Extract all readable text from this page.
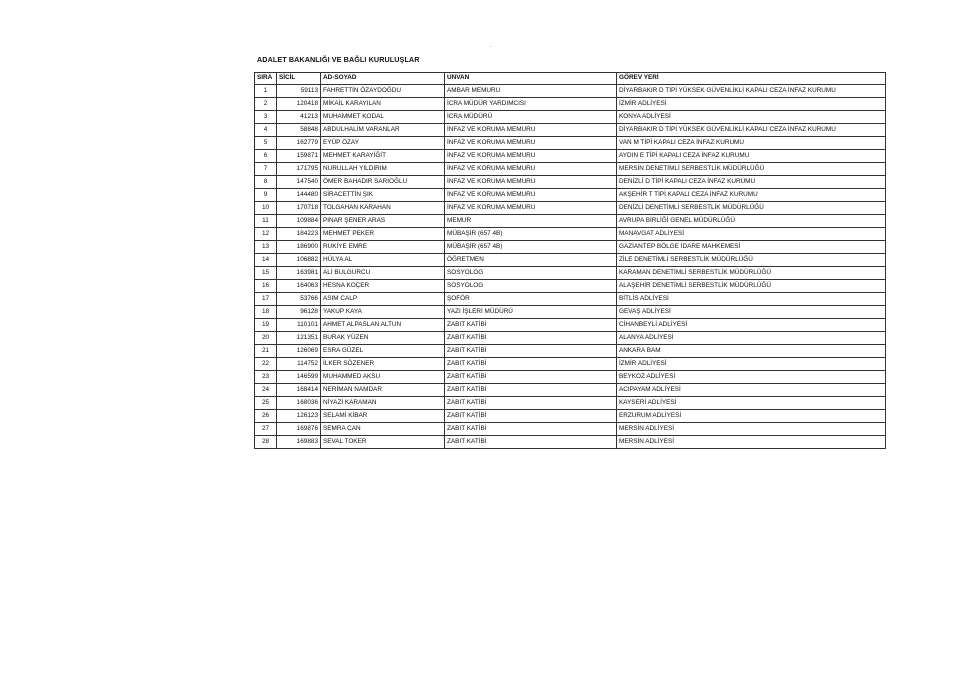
ADALET BAKANLIĞI VE BAĞLI KURULUŞLAR
SIRA	SİCİL	AD-SOYAD	UNVAN	GÖREV YERİ
1	59113	FAHRETTİN ÖZAYDOĞDU	AMBAR MEMURU	DİYARBAKIR D TİPİ YÜKSEK GÜVENLİKLİ KAPALI CEZA İNFAZ KURUMU
2	120418	MİKAİL KARAYILAN	İCRA MÜDÜR YARDIMCISI	İZMİR ADLİYESİ
3	41213	MUHAMMET KODAL	İCRA MÜDÜRÜ	KONYA ADLİYESİ
4	58848	ABDULHALİM VARANLAR	İNFAZ VE KORUMA MEMURU	DİYARBAKIR D TİPİ YÜKSEK GÜVENLİKLİ KAPALI CEZA İNFAZ KURUMU
5	162779	EYÜP ÖZAY	İNFAZ VE KORUMA MEMURU	VAN M TİPİ KAPALI CEZA İNFAZ KURUMU
6	159871	MEHMET KARAYİĞİT	İNFAZ VE KORUMA MEMURU	AYDIN E TİPİ KAPALI CEZA İNFAZ KURUMU
7	171795	NURULLAH YILDIRIM	İNFAZ VE KORUMA MEMURU	MERSİN DENETİMLİ SERBESTLİK MÜDÜRLÜĞÜ
8	147540	ÖMER BAHADIR SARIOĞLU	İNFAZ VE KORUMA MEMURU	DENİZLİ D TİPİ KAPALI CEZA İNFAZ KURUMU
9	144480	SİRACETTİN ŞIK	İNFAZ VE KORUMA MEMURU	AKŞEHİR T TİPİ KAPALI CEZA İNFAZ KURUMU
10	170718	TOLGAHAN KARAHAN	İNFAZ VE KORUMA MEMURU	DENİZLİ DENETİMLİ SERBESTLİK MÜDÜRLÜĞÜ
11	109884	PINAR ŞENER ARAS	MEMUR	AVRUPA BİRLİĞİ GENEL MÜDÜRLÜĞÜ
12	184223	MEHMET PEKER	MÜBAŞİR (657 4B)	MANAVGAT ADLİYESİ
13	186900	RUKİYE EMRE	MÜBAŞİR (657 4B)	GAZİANTEP BÖLGE İDARE MAHKEMESİ
14	106882	HÜLYA AL	ÖĞRETMEN	ZİLE DENETİMLİ SERBESTLİK MÜDÜRLÜĞÜ
15	163981	ALİ BULGURCU	SOSYOLOG	KARAMAN DENETİMLİ SERBESTLİK MÜDÜRLÜĞÜ
16	164063	HESNA KOÇER	SOSYOLOG	ALAŞEHİR DENETİMLİ SERBESTLİK MÜDÜRLÜĞÜ
17	53766	ASIM CALP	ŞOFÖR	BİTLİS ADLİYESİ
18	96128	YAKUP KAYA	YAZI İŞLERİ MÜDÜRÜ	GEVAŞ ADLİYESİ
19	110101	AHMET ALPASLAN ALTUN	ZABIT KATİBİ	CİHANBEYLİ ADLİYESİ
20	121351	BURAK YÜZEN	ZABIT KATİBİ	ALANYA ADLİYESİ
21	126069	ESRA GÜZEL	ZABIT KATİBİ	ANKARA BAM
22	114752	İLKER SÖZENER	ZABIT KATİBİ	İZMİR ADLİYESİ
23	146599	MUHAMMED AKSU	ZABIT KATİBİ	BEYKOZ ADLİYESİ
24	168414	NERİMAN NAMDAR	ZABIT KATİBİ	ACIPAYAM ADLİYESİ
25	168036	NİYAZİ KARAMAN	ZABIT KATİBİ	KAYSERİ ADLİYESİ
26	126123	SELAMİ KİBAR	ZABIT KATİBİ	ERZURUM ADLİYESİ
27	169876	SEMRA CAN	ZABIT KATİBİ	MERSİN ADLİYESİ
28	169883	SEVAL TOKER	ZABIT KATİBİ	MERSİN ADLİYESİ
